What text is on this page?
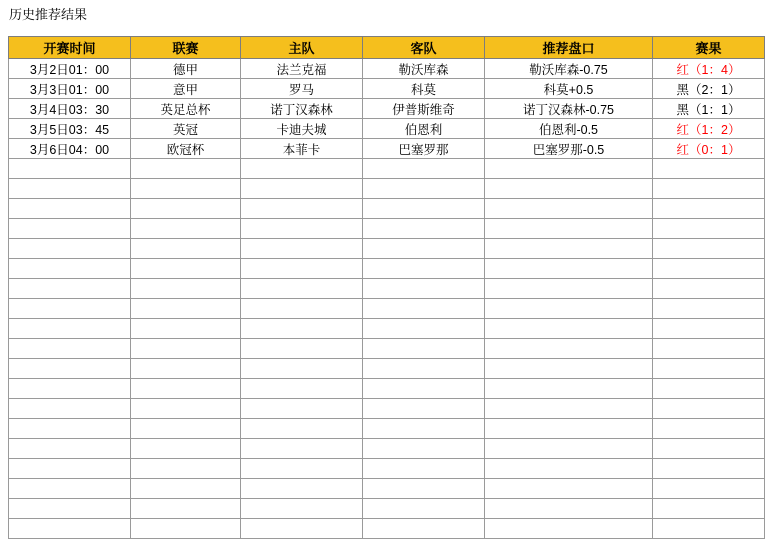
历史推荐结果
开赛时间	联赛	主队	客队	推荐盘口	赛果
3月2日01：00	德甲	法兰克福	勒沃库森	勒沃库森-0.75	红（1：4）
3月3日01：00	意甲	罗马	科莫	科莫+0.5	黑（2：1）
3月4日03：30	英足总杯	诺丁汉森林	伊普斯维奇	诺丁汉森林-0.75	黑（1：1）
3月5日03：45	英冠	卡迪夫城	伯恩利	伯恩利-0.5	红（1：2）
3月6日04：00	欧冠杯	本菲卡	巴塞罗那	巴塞罗那-0.5	红（0：1）
